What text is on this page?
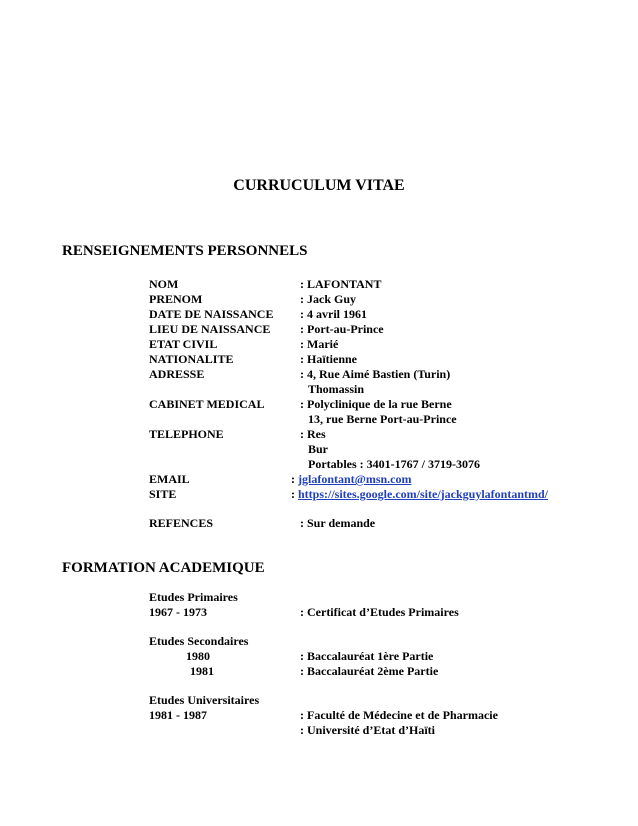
CURRUCULUM VITAE
RENSEIGNEMENTS PERSONNELS
NOM	: LAFONTANT
PRENOM	: Jack Guy
DATE DE NAISSANCE : 4 avril 1961
LIEU DE NAISSANCE : Port-au-Prince
ETAT CIVIL	: Marié
NATIONALITE	: Haïtienne
ADRESSE	: 4, Rue Aimé Bastien (Turin)
Thomassin
CABINET MEDICAL	: Polyclinique de la rue Berne
13, rue Berne Port-au-Prince
TELEPHONE	: Res
Bur
Portables : 3401-1767 / 3719-3076
EMAIL	: jglafontant@msn.com
SITE	: https://sites.google.com/site/jackguylafontantmd/
REFENCES	: Sur demande
FORMATION ACADEMIQUE
Etudes Primaires
1967 - 1973	: Certificat d’Etudes Primaires
Etudes Secondaires
1980	: Baccalauréat 1ère Partie
1981	: Baccalauréat 2ème Partie
Etudes Universitaires
1981 - 1987	: Faculté de Médecine et de Pharmacie
: Université d’Etat d’Haïti
